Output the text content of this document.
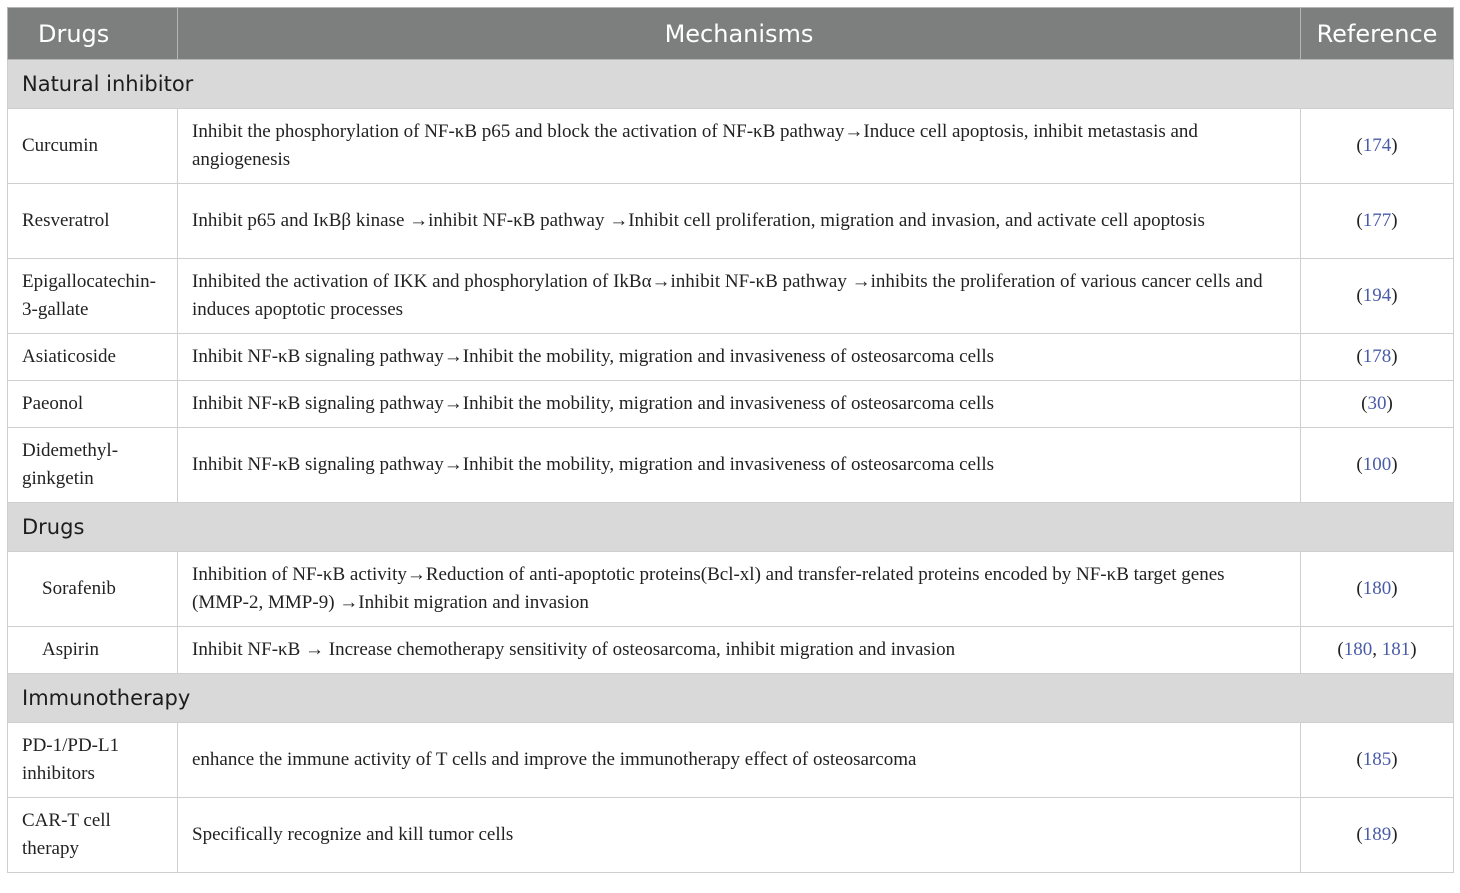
Drugs	Mechanisms	Reference
Natural inhibitor		
Curcumin	Inhibit the phosphorylation of NF-κB p65 and block the activation of NF-κB pathway→Induce cell apoptosis, inhibit metastasis and angiogenesis	(174)
Resveratrol	Inhibit p65 and IκBβ kinase →inhibit NF-κB pathway →Inhibit cell proliferation, migration and invasion, and activate cell apoptosis	(177)
Epigallocatechin-3-gallate	Inhibited the activation of IKK and phosphorylation of IkBα→inhibit NF-κB pathway →inhibits the proliferation of various cancer cells and induces apoptotic processes	(194)
Asiaticoside	Inhibit NF-κB signaling pathway→Inhibit the mobility, migration and invasiveness of osteosarcoma cells	(178)
Paeonol	Inhibit NF-κB signaling pathway→Inhibit the mobility, migration and invasiveness of osteosarcoma cells	(30)
Didemethyl-ginkgetin	Inhibit NF-κB signaling pathway→Inhibit the mobility, migration and invasiveness of osteosarcoma cells	(100)
Drugs		
Sorafenib	Inhibition of NF-κB activity→Reduction of anti-apoptotic proteins(Bcl-xl) and transfer-related proteins encoded by NF-κB target genes (MMP-2, MMP-9) →Inhibit migration and invasion	(180)
Aspirin	Inhibit NF-κB → Increase chemotherapy sensitivity of osteosarcoma, inhibit migration and invasion	(180, 181)
Immunotherapy		
PD-1/PD-L1 inhibitors	enhance the immune activity of T cells and improve the immunotherapy effect of osteosarcoma	(185)
CAR-T cell therapy	Specifically recognize and kill tumor cells	(189)
